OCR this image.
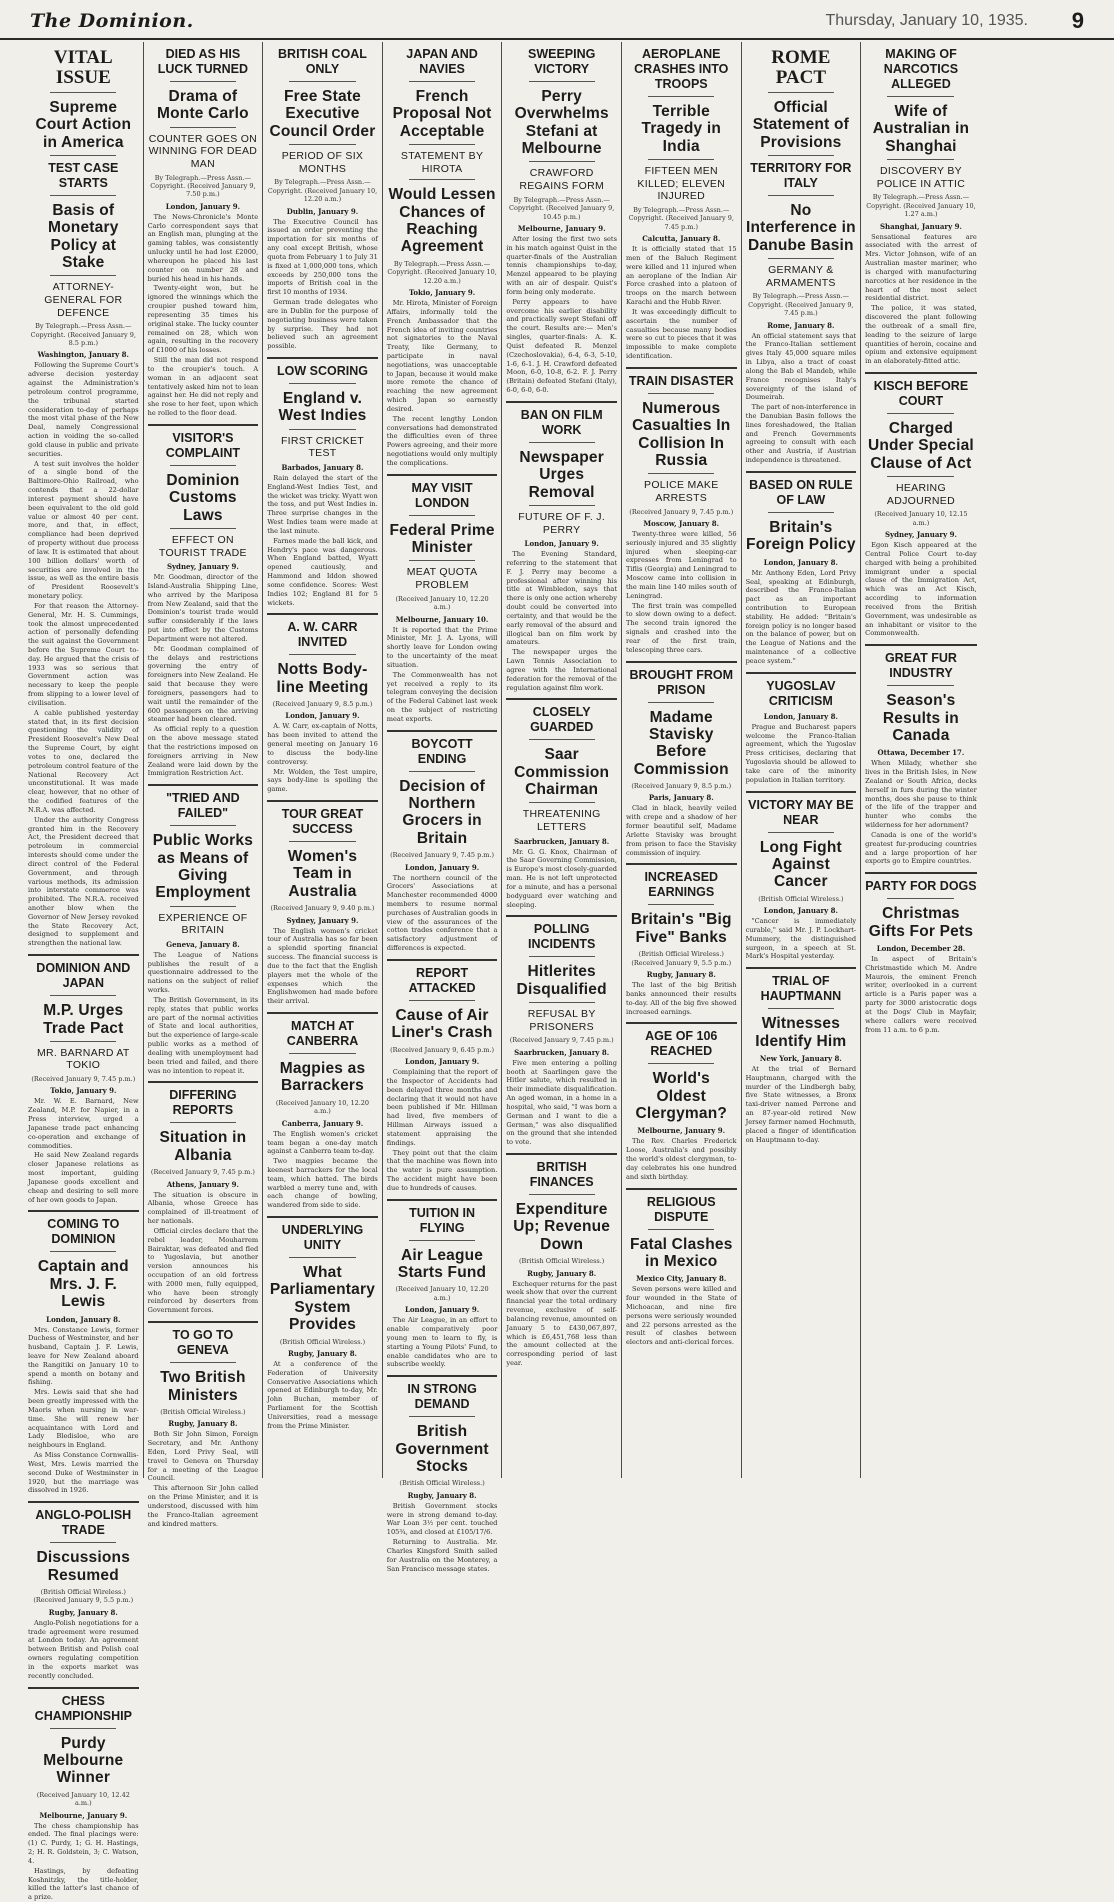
The Dominion.	Thursday, January 10, 1935. 9
VITAL ISSUE
Supreme Court Action in America
TEST CASE STARTS
Basis of Monetary Policy at Stake
ATTORNEY-GENERAL FOR DEFENCE
By Telegraph.—Press Assn.—Copyright. (Received January 9, 8.5 p.m.)
Washington, January 8.

Following the Supreme Court's adverse decision yesterday against the Administration's petroleum control programme, the tribunal started consideration to-day of perhaps the most vital phase of the New Deal, namely Congressional action in voiding the so-called gold clause in public and private securities.

A test suit involves the holder of a single bond of the Baltimore-Ohio Railroad, who contends that a 22-dollar interest payment should have been equivalent to the old gold value or almost 40 per cent. more, and that, in effect, compliance had been deprived of property without due process of law. It is estimated that about 100 billion dollars' worth of securities are involved in the issue, as well as the entire basis of President Roosevelt's monetary policy.

For that reason the Attorney-General, Mr. H. S. Cummings, took the almost unprecedented action of personally defending the suit against the Government before the Supreme Court to-day. He argued that the crisis of 1933 was so serious that Government action was necessary to keep the people from slipping to a lower level of civilisation.

A cable published yesterday stated that, in its first decision questioning the validity of President Roosevelt's New Deal the Supreme Court, by eight votes to one, declared the petroleum control feature of the National Recovery Act unconstitutional. It was made clear, however, that no other of the codified features of the N.R.A. was affected.

Under the authority Congress granted him in the Recovery Act, the President decreed that petroleum in commercial interests should come under the direct control of the Federal Government, and through various methods, its admission into interstate commerce was prohibited. The N.R.A. received another blow when the Governor of New Jersey revoked the State Recovery Act, designed to supplement and strengthen the national law.

DOMINION AND JAPAN
M.P. Urges Trade Pact
MR. BARNARD AT TOKIO
(Received January 9, 7.45 p.m.)
Tokio, January 9.

Mr. W. E. Barnard, New Zealand, M.P. for Napier, in a Press interview, urged a Japanese trade pact enhancing co-operation and exchange of commodities.

He said New Zealand regards closer Japanese relations as most important, guiding Japanese goods excellent and cheap and desiring to sell more of her own goods to Japan.

COMING TO DOMINION
Captain and Mrs. J. F. Lewis
London, January 8.

Mrs. Constance Lewis, former Duchess of Westminster, and her husband, Captain J. F. Lewis, leave for New Zealand aboard the Rangitiki on January 10 to spend a month on botany and fishing.

Mrs. Lewis said that she had been greatly impressed with the Maoris when nursing in war-time. She will renew her acquaintance with Lord and Lady Bledisloe, who are neighbours in England.

As Miss Constance Cornwallis-West, Mrs. Lewis married the second Duke of Westminster in 1920, but the marriage was dissolved in 1926.

ANGLO-POLISH TRADE
Discussions Resumed
(British Official Wireless.) (Received January 9, 5.5 p.m.)
Rugby, January 8.

Anglo-Polish negotiations for a trade agreement were resumed at London today. An agreement between British and Polish coal owners regulating competition in the exports market was recently concluded.

CHESS CHAMPIONSHIP
Purdy Melbourne Winner
(Received January 10, 12.42 a.m.)
Melbourne, January 9.

The chess championship has ended. The final placings were: (1) C. Purdy, 1; G. H. Hastings, 2; H. R. Goldstein, 3; C. Watson, 4.

Hastings, by defeating Koshnitzky, the title-holder, killed the latter's last chance of a prize.

DIED AS HIS LUCK TURNED
Drama of Monte Carlo
COUNTER GOES ON WINNING FOR DEAD MAN
By Telegraph.—Press Assn.—Copyright. (Received January 9, 7.50 p.m.)
London, January 9.

The News-Chronicle's Monte Carlo correspondent says that an English man, plunging at the gaming tables, was consistently unlucky until he had lost £2000, whereupon he placed his last counter on number 28 and buried his head in his hands.

Twenty-eight won, but he ignored the winnings which the croupier pushed toward him, representing 35 times his original stake. The lucky counter remained on 28, which won again, resulting in the recovery of £1000 of his losses.

Still the man did not respond to the croupier's touch. A woman in an adjacent seat tentatively asked him not to lean against her. He did not reply and she rose to her feet, upon which he rolled to the floor dead.

VISITOR'S COMPLAINT
Dominion Customs Laws
EFFECT ON TOURIST TRADE
Sydney, January 9.

Mr. Goodman, director of the Island-Australia Shipping Line, who arrived by the Mariposa from New Zealand, said that the Dominion's tourist trade would suffer considerably if the laws put into effect by the Customs Department were not altered.

Mr. Goodman complained of the delays and restrictions governing the entry of foreigners into New Zealand. He said that because they were foreigners, passengers had to wait until the remainder of the 600 passengers on the arriving steamer had been cleared.

As official reply to a question on the above message stated that the restrictions imposed on foreigners arriving in New Zealand were laid down by the Immigration Restriction Act.

"TRIED AND FAILED"
Public Works as Means of Giving Employment
EXPERIENCE OF BRITAIN
Geneva, January 8.

The League of Nations publishes the result of a questionnaire addressed to the nations on the subject of relief works.

The British Government, in its reply, states that public works are part of the normal activities of State and local authorities, but the experience of large-scale public works as a method of dealing with unemployment had been tried and failed, and there was no intention to repeat it.

DIFFERING REPORTS
Situation in Albania
(Received January 9, 7.45 p.m.)
Athens, January 9.

The situation is obscure in Albania, whose Greece has complained of ill-treatment of her nationals.

Official circles declare that the rebel leader, Mouharrem Bairaktar, was defeated and fled to Yugoslavia, but another version announces his occupation of an old fortress with 2000 men, fully equipped, who have been strongly reinforced by deserters from Government forces.

TO GO TO GENEVA
Two British Ministers
(British Official Wireless.)
Rugby, January 8.

Both Sir John Simon, Foreign Secretary, and Mr. Anthony Eden, Lord Privy Seal, will travel to Geneva on Thursday for a meeting of the League Council.

This afternoon Sir John called on the Prime Minister, and it is understood, discussed with him the Franco-Italian agreement and kindred matters.

BRITISH COAL ONLY
Free State Executive Council Order
PERIOD OF SIX MONTHS
By Telegraph.—Press Assn.—Copyright. (Received January 10, 12.20 a.m.)
Dublin, January 9.

The Executive Council has issued an order preventing the importation for six months of any coal except British, whose quota from February 1 to July 31 is fixed at 1,000,000 tons, which exceeds by 250,000 tons the imports of British coal in the first 10 months of 1934.

German trade delegates who are in Dublin for the purpose of negotiating business were taken by surprise. They had not believed such an agreement possible.

LOW SCORING
England v. West Indies
FIRST CRICKET TEST
Barbados, January 8.

Rain delayed the start of the England-West Indies Test, and the wicket was tricky. Wyatt won the toss, and put West Indies in. Three surprise changes in the West Indies team were made at the last minute.

Farnes made the ball kick, and Hendry's pace was dangerous. When England batted, Wyatt opened cautiously, and Hammond and Iddon showed some confidence. Scores: West Indies 102; England 81 for 5 wickets.

A. W. CARR INVITED
Notts Body-line Meeting
(Received January 9, 8.5 p.m.)
London, January 9.

A. W. Carr, ex-captain of Notts, has been invited to attend the general meeting on January 16 to discuss the body-line controversy.

Mr. Wolden, the Test umpire, says body-line is spoiling the game.

TOUR GREAT SUCCESS
Women's Team in Australia
(Received January 9, 9.40 p.m.)
Sydney, January 9.

The English women's cricket tour of Australia has so far been a splendid sporting financial success. The financial success is due to the fact that the English players met the whole of the expenses which the Englishwomen had made before their arrival.

MATCH AT CANBERRA
Magpies as Barrackers
(Received January 10, 12.20 a.m.)
Canberra, January 9.

The English women's cricket team began a one-day match against a Canberra team to-day.

Two magpies became the keenest barrackers for the local team, which batted. The birds warbled a merry tune and, with each change of bowling, wandered from side to side.

UNDERLYING UNITY
What Parliamentary System Provides
(British Official Wireless.)
Rugby, January 8.

At a conference of the Federation of University Conservative Associations which opened at Edinburgh to-day, Mr. John Buchan, member of Parliament for the Scottish Universities, read a message from the Prime Minister.

JAPAN AND NAVIES
French Proposal Not Acceptable
STATEMENT BY HIROTA
Would Lessen Chances of Reaching Agreement
By Telegraph.—Press Assn.—Copyright. (Received January 10, 12.20 a.m.)
Tokio, January 9.

Mr. Hirota, Minister of Foreign Affairs, informally told the French Ambassador that the French idea of inviting countries not signatories to the Naval Treaty, like Germany, to participate in naval negotiations, was unacceptable to Japan, because it would make more remote the chance of reaching the new agreement which Japan so earnestly desired.

The recent lengthy London conversations had demonstrated the difficulties even of three Powers agreeing, and their more negotiations would only multiply the complications.

MAY VISIT LONDON
Federal Prime Minister
MEAT QUOTA PROBLEM
(Received January 10, 12.20 a.m.)
Melbourne, January 10.

It is reported that the Prime Minister, Mr. J. A. Lyons, will shortly leave for London owing to the uncertainty of the meat situation.

The Commonwealth has not yet received a reply to its telegram conveying the decision of the Federal Cabinet last week on the subject of restricting meat exports.

BOYCOTT ENDING
Decision of Northern Grocers in Britain
(Received January 9, 7.45 p.m.)
London, January 9.

The northern council of the Grocers' Associations at Manchester recommended 4000 members to resume normal purchases of Australian goods in view of the assurances of the cotton trades conference that a satisfactory adjustment of differences is expected.

REPORT ATTACKED
Cause of Air Liner's Crash
(Received January 9, 6.45 p.m.)
London, January 9.

Complaining that the report of the Inspector of Accidents had been delayed three months and declaring that it would not have been published if Mr. Hillman had lived, five members of Hillman Airways issued a statement appraising the findings.

They point out that the claim that the machine was flown into the water is pure assumption. The accident might have been due to hundreds of causes.

TUITION IN FLYING
Air League Starts Fund
(Received January 10, 12.20 a.m.)
London, January 9.

The Air League, in an effort to enable comparatively poor young men to learn to fly, is starting a Young Pilots' Fund, to enable candidates who are to subscribe weekly.

IN STRONG DEMAND
British Government Stocks
(British Official Wireless.)
Rugby, January 8.

British Government stocks were in strong demand to-day. War Loan 3½ per cent. touched 105¾, and closed at £105/17/6.

Returning to Australia. Mr. Charles Kingsford Smith sailed for Australia on the Monterey, a San Francisco message states.

SWEEPING VICTORY
Perry Overwhelms Stefani at Melbourne
CRAWFORD REGAINS FORM
By Telegraph.—Press Assn.—Copyright. (Received January 9, 10.45 p.m.)
Melbourne, January 9.

After losing the first two sets in his match against Quist in the quarter-finals of the Australian tennis championships to-day, Menzel appeared to be playing with an air of despair. Quist's form being only moderate.

Perry appears to have overcome his earlier disability and practically swept Stefani off the court. Results are:— Men's singles, quarter-finals: A. K. Quist defeated R. Menzel (Czechoslovakia), 6-4, 6-3, 5-10, 1-6, 6-1. J. H. Crawford defeated Moon, 6-0, 10-8, 6-2. F. J. Perry (Britain) defeated Stefani (Italy), 6-0, 6-0, 6-0.

BAN ON FILM WORK
Newspaper Urges Removal
FUTURE OF F. J. PERRY
London, January 9.

The Evening Standard, referring to the statement that F. J. Perry may become a professional after winning his title at Wimbledon, says that there is only one action whereby doubt could be converted into certainty, and that would be the early removal of the absurd and illogical ban on film work by amateurs.

The newspaper urges the Lawn Tennis Association to agree with the International federation for the removal of the regulation against film work.

CLOSELY GUARDED
Saar Commission Chairman
THREATENING LETTERS
Saarbrucken, January 8.

Mr. G. G. Knox, Chairman of the Saar Governing Commission, is Europe's most closely-guarded man. He is not left unprotected for a minute, and has a personal bodyguard ever watching and sleeping.

POLLING INCIDENTS
Hitlerites Disqualified
REFUSAL BY PRISONERS
(Received January 9, 7.45 p.m.)
Saarbrucken, January 8.

Five men entering a polling booth at Saarlingen gave the Hitler salute, which resulted in their immediate disqualification. An aged woman, in a home in a hospital, who said, "I was born a German and I want to die a German," was also disqualified on the ground that she intended to vote.

BRITISH FINANCES
Expenditure Up; Revenue Down
(British Official Wireless.)
Rugby, January 8.

Exchequer returns for the past week show that over the current financial year the total ordinary revenue, exclusive of self-balancing revenue, amounted on January 5 to £430,067,897, which is £6,451,768 less than the amount collected at the corresponding period of last year.

AEROPLANE CRASHES INTO TROOPS
Terrible Tragedy in India
FIFTEEN MEN KILLED; ELEVEN INJURED
By Telegraph.—Press Assn.—Copyright. (Received January 9, 7.45 p.m.)
Calcutta, January 8.

It is officially stated that 15 men of the Baluch Regiment were killed and 11 injured when an aeroplane of the Indian Air Force crashed into a platoon of troops on the march between Karachi and the Hubb River.

It was exceedingly difficult to ascertain the number of casualties because many bodies were so cut to pieces that it was impossible to make complete identification.

TRAIN DISASTER
Numerous Casualties In Collision In Russia
POLICE MAKE ARRESTS
(Received January 9, 7.45 p.m.)
Moscow, January 8.

Twenty-three were killed, 56 seriously injured and 35 slightly injured when sleeping-car expresses from Leningrad to Tiflis (Georgia) and Leningrad to Moscow came into collision in the main line 140 miles south of Leningrad.

The first train was compelled to slow down owing to a defect. The second train ignored the signals and crashed into the rear of the first train, telescoping three cars.

BROUGHT FROM PRISON
Madame Stavisky Before Commission
(Received January 9, 8.5 p.m.)
Paris, January 8.

Clad in black, heavily veiled with crepe and a shadow of her former beautiful self, Madame Arlette Stavisky was brought from prison to face the Stavisky commission of inquiry.

INCREASED EARNINGS
Britain's "Big Five" Banks
(British Official Wireless.) (Received January 9, 5.5 p.m.)
Rugby, January 8.

The last of the big British banks announced their results to-day. All of the big five showed increased earnings.

AGE OF 106 REACHED
World's Oldest Clergyman?
Melbourne, January 9.

The Rev. Charles Frederick Loose, Australia's and possibly the world's oldest clergyman, to-day celebrates his one hundred and sixth birthday.

RELIGIOUS DISPUTE
Fatal Clashes in Mexico
Mexico City, January 8.

Seven persons were killed and four wounded in the State of Michoacan, and nine fire persons were seriously wounded and 22 persons arrested as the result of clashes between electors and anti-clerical forces.

ROME PACT
Official Statement of Provisions
TERRITORY FOR ITALY
No Interference in Danube Basin
GERMANY & ARMAMENTS
By Telegraph.—Press Assn.—Copyright. (Received January 9, 7.45 p.m.)
Rome, January 8.

An official statement says that the Franco-Italian settlement gives Italy 45,000 square miles in Libya, also a tract of coast along the Bab el Mandeb, while France recognises Italy's sovereignty of the island of Doumeirah.

The part of non-interference in the Danubian Basin follows the lines foreshadowed, the Italian and French Governments agreeing to consult with each other and Austria, if Austrian independence is threatened.

BASED ON RULE OF LAW
Britain's Foreign Policy
London, January 8.

Mr. Anthony Eden, Lord Privy Seal, speaking at Edinburgh, described the Franco-Italian pact as an important contribution to European stability. He added: "Britain's foreign policy is no longer based on the balance of power, but on the League of Nations and the maintenance of a collective peace system."

YUGOSLAV CRITICISM
London, January 8.

Prague and Bucharest papers welcome the Franco-Italian agreement, which the Yugoslav Press criticises, declaring that Yugoslavia should be allowed to take care of the minority population in Italian territory.

VICTORY MAY BE NEAR
Long Fight Against Cancer
(British Official Wireless.)
London, January 8.

"Cancer is immediately curable," said Mr. J. P. Lockhart-Mummery, the distinguished surgeon, in a speech at St. Mark's Hospital yesterday.

TRIAL OF HAUPTMANN
Witnesses Identify Him
New York, January 8.

At the trial of Bernard Hauptmann, charged with the murder of the Lindbergh baby, five State witnesses, a Bronx taxi-driver named Perrone and an 87-year-old retired New Jersey farmer named Hochmuth, placed a finger of identification on Hauptmann to-day.

MAKING OF NARCOTICS ALLEGED
Wife of Australian in Shanghai
DISCOVERY BY POLICE IN ATTIC
By Telegraph.—Press Assn.—Copyright. (Received January 10, 1.27 a.m.)
Shanghai, January 9.

Sensational features are associated with the arrest of Mrs. Victor Johnson, wife of an Australian master mariner, who is charged with manufacturing narcotics at her residence in the heart of the most select residential district.

The police, it was stated, discovered the plant following the outbreak of a small fire, leading to the seizure of large quantities of heroin, cocaine and opium and extensive equipment in an elaborately-fitted attic.

KISCH BEFORE COURT
Charged Under Special Clause of Act
HEARING ADJOURNED
(Received January 10, 12.15 a.m.)
Sydney, January 9.

Egon Kisch appeared at the Central Police Court to-day charged with being a prohibited immigrant under a special clause of the Immigration Act, which was an Act Kisch, according to information received from the British Government, was undesirable as an inhabitant or visitor to the Commonwealth.

GREAT FUR INDUSTRY
Season's Results in Canada
Ottawa, December 17.

When Milady, whether she lives in the British Isles, in New Zealand or South Africa, decks herself in furs during the winter months, does she pause to think of the life of the trapper and hunter who combs the wilderness for her adornment?

Canada is one of the world's greatest fur-producing countries and a large proportion of her exports go to Empire countries.

PARTY FOR DOGS
Christmas Gifts For Pets
London, December 28.

In aspect of Britain's Christmastide which M. Andre Maurois, the eminent French writer, overlooked in a current article is a Paris paper was a party for 3000 aristocratic dogs at the Dogs' Club in Mayfair, where callers were received from 11 a.m. to 6 p.m.
